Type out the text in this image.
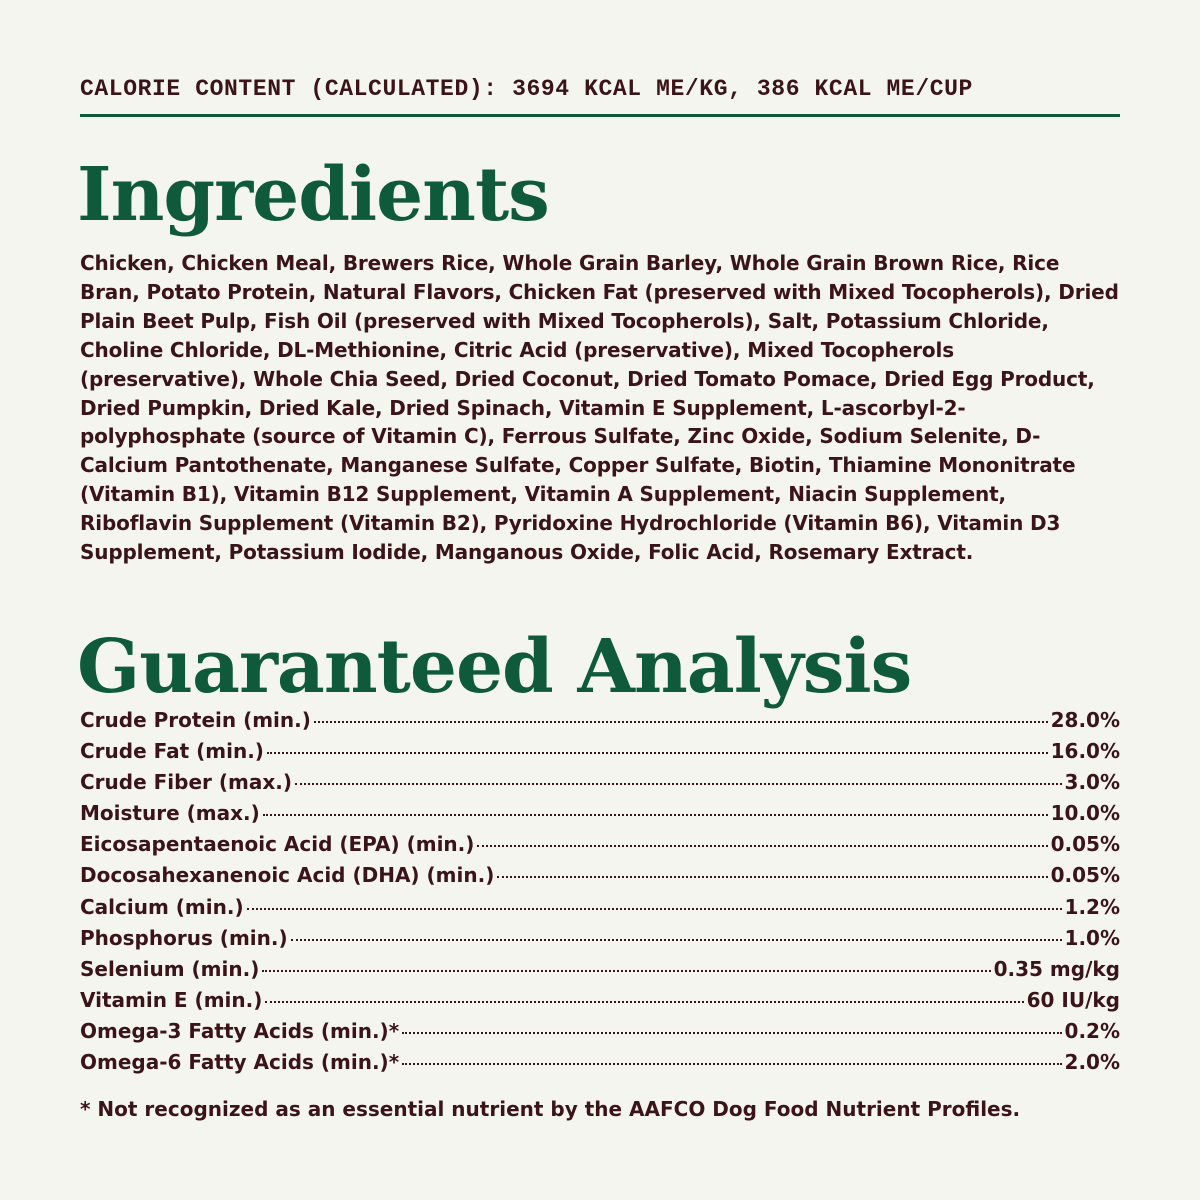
CALORIE CONTENT (CALCULATED): 3694 KCAL ME/KG, 386 KCAL ME/CUP
Ingredients
Chicken, Chicken Meal, Brewers Rice, Whole Grain Barley, Whole Grain Brown Rice, Rice Bran, Potato Protein, Natural Flavors, Chicken Fat (preserved with Mixed Tocopherols), Dried Plain Beet Pulp, Fish Oil (preserved with Mixed Tocopherols), Salt, Potassium Chloride, Choline Chloride, DL-Methionine, Citric Acid (preservative), Mixed Tocopherols (preservative), Whole Chia Seed, Dried Coconut, Dried Tomato Pomace, Dried Egg Product, Dried Pumpkin, Dried Kale, Dried Spinach, Vitamin E Supplement, L-ascorbyl-2-polyphosphate (source of Vitamin C), Ferrous Sulfate, Zinc Oxide, Sodium Selenite, D-Calcium Pantothenate, Manganese Sulfate, Copper Sulfate, Biotin, Thiamine Mononitrate (Vitamin B1), Vitamin B12 Supplement, Vitamin A Supplement, Niacin Supplement, Riboflavin Supplement (Vitamin B2), Pyridoxine Hydrochloride (Vitamin B6), Vitamin D3 Supplement, Potassium Iodide, Manganous Oxide, Folic Acid, Rosemary Extract.
Guaranteed Analysis
Crude Protein (min.)	28.0%
Crude Fat (min.)	16.0%
Crude Fiber (max.)	3.0%
Moisture (max.)	10.0%
Eicosapentaenoic Acid (EPA) (min.)	0.05%
Docosahexanenoic Acid (DHA) (min.)	0.05%
Calcium (min.)	1.2%
Phosphorus (min.)	1.0%
Selenium (min.)	0.35 mg/kg
Vitamin E (min.)	60 IU/kg
Omega-3 Fatty Acids (min.)*	0.2%
Omega-6 Fatty Acids (min.)*	2.0%
* Not recognized as an essential nutrient by the AAFCO Dog Food Nutrient Profiles.
